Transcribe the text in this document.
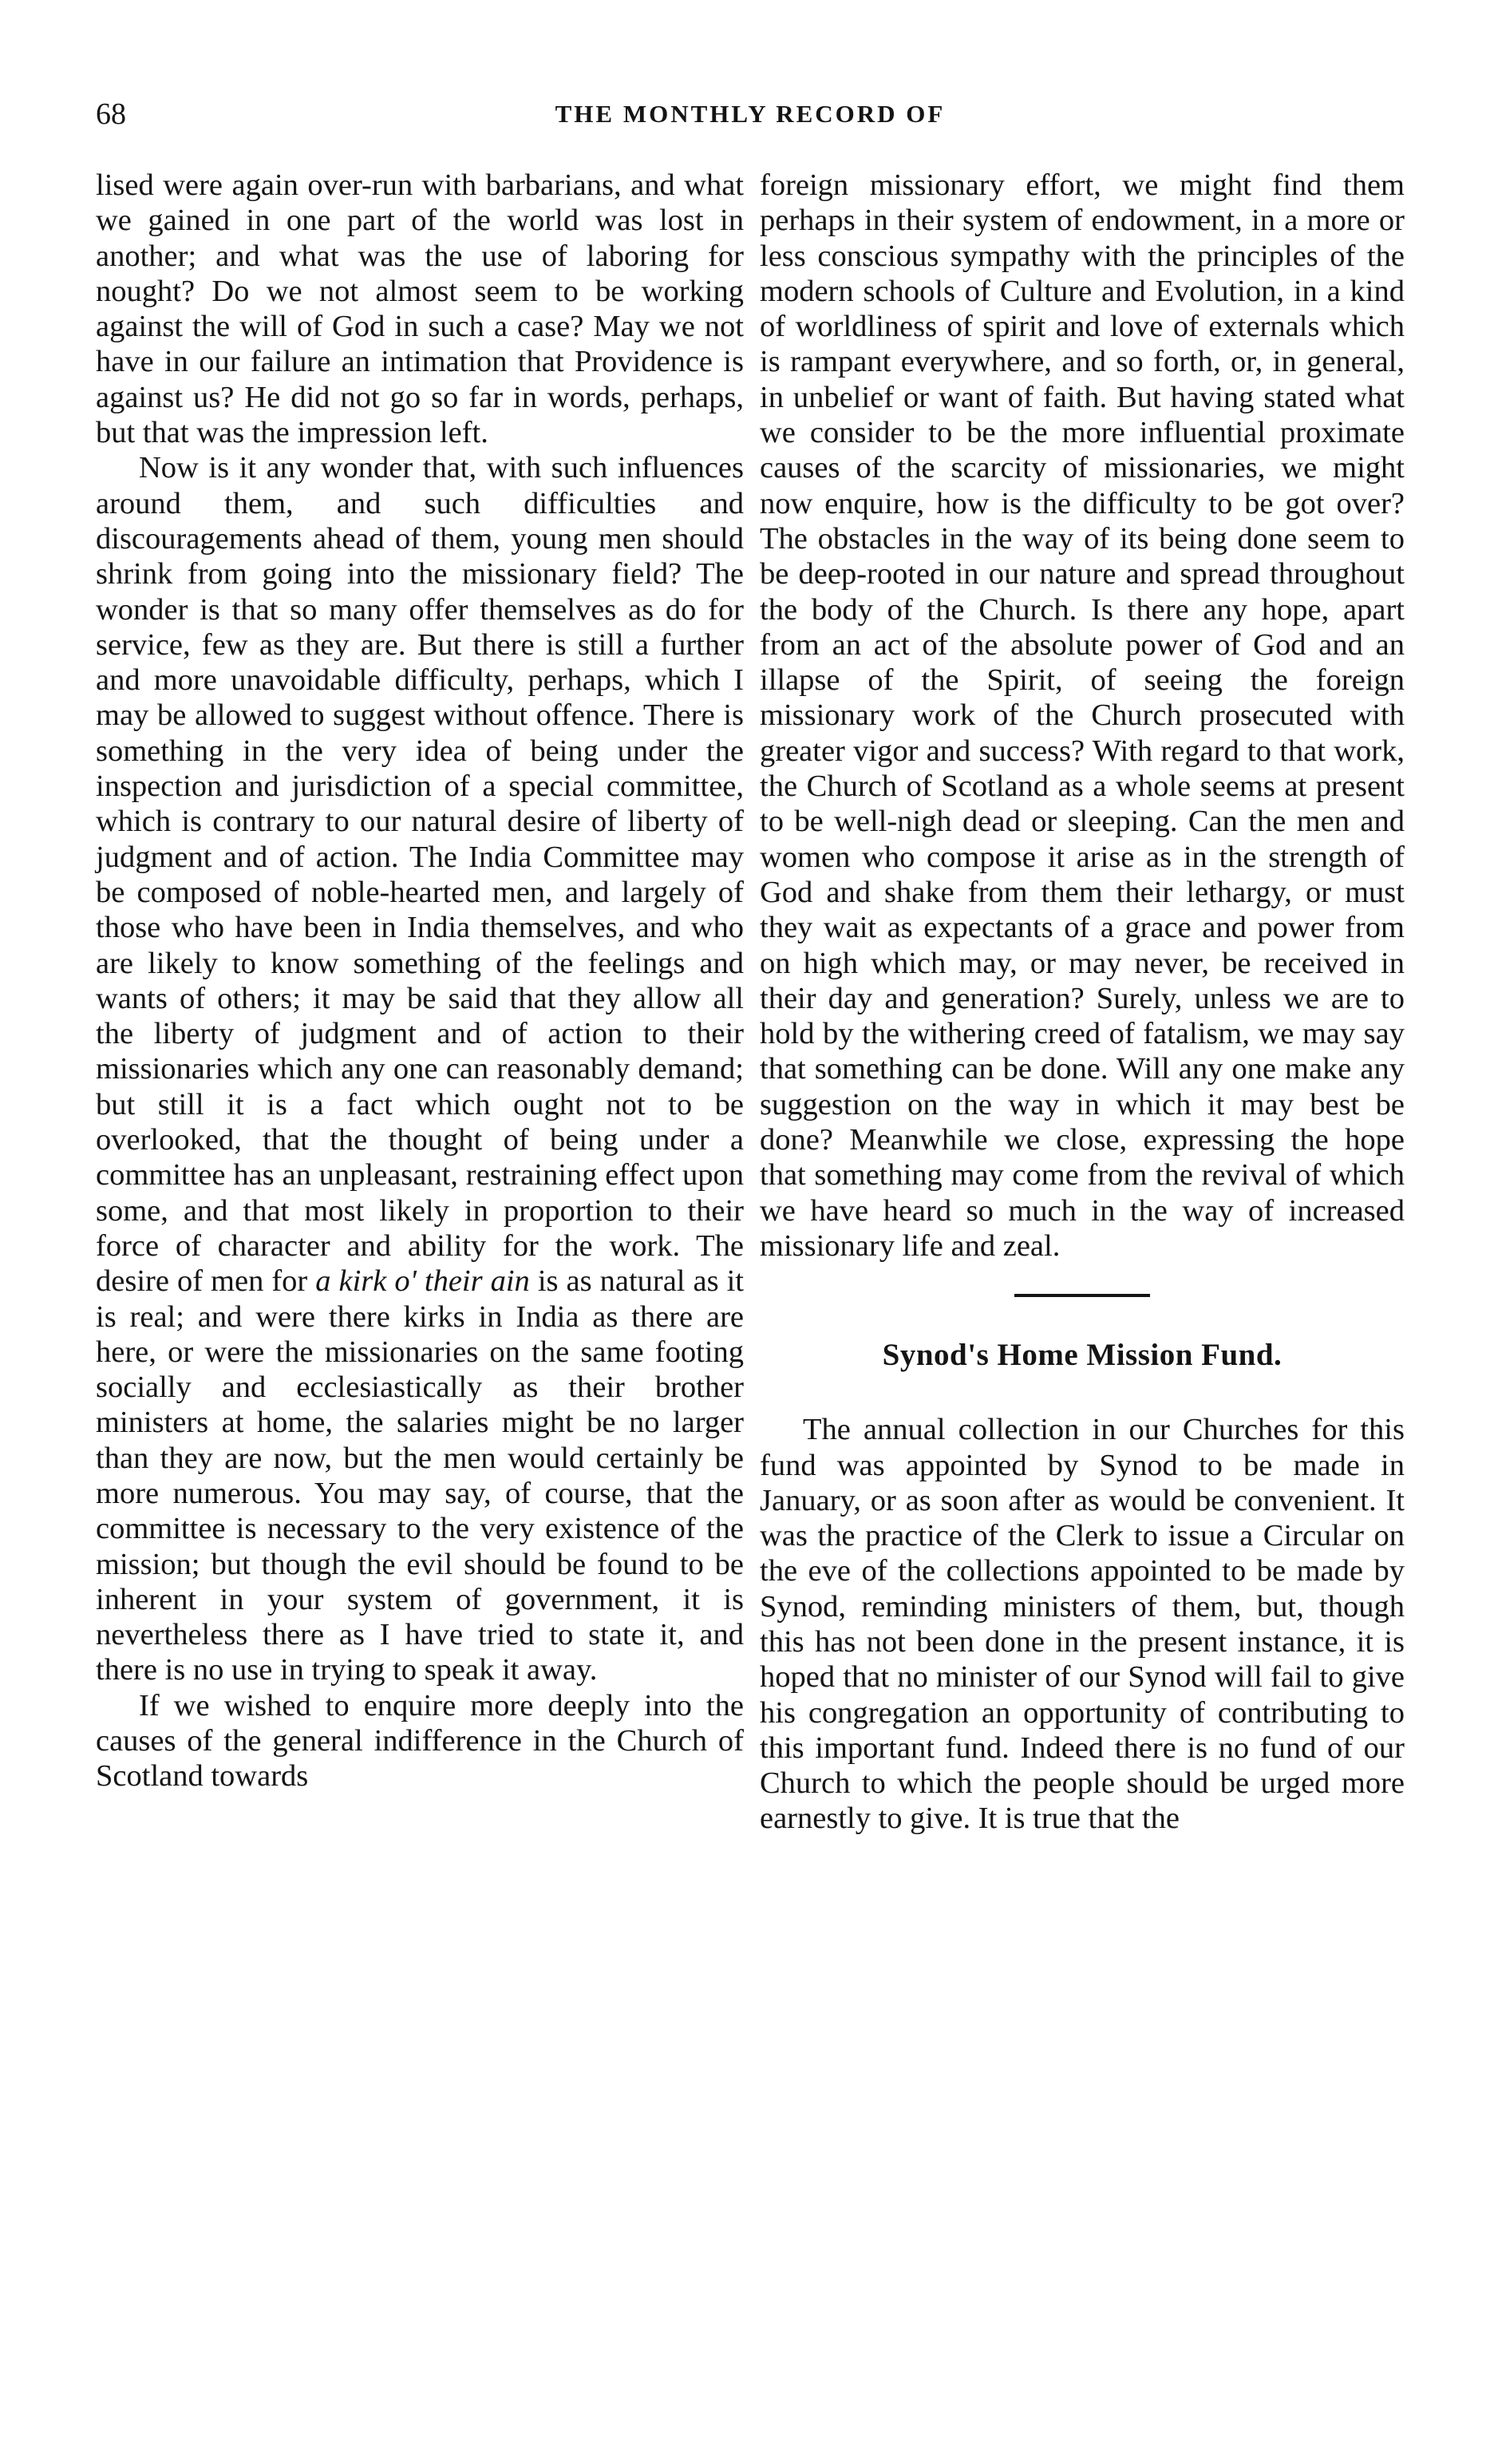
68	THE MONTHLY RECORD OF

lised were again over-run with barbarians, and what we gained in one part of the world was lost in another; and what was the use of laboring for nought? Do we not almost seem to be working against the will of God in such a case? May we not have in our failure an intimation that Providence is against us? He did not go so far in words, perhaps, but that was the impression left.

Now is it any wonder that, with such influences around them, and such difficulties and discouragements ahead of them, young men should shrink from going into the missionary field? The wonder is that so many offer themselves as do for service, few as they are. But there is still a further and more unavoidable difficulty, perhaps, which I may be allowed to suggest without offence. There is something in the very idea of being under the inspection and jurisdiction of a special committee, which is contrary to our natural desire of liberty of judgment and of action. The India Committee may be composed of noble-hearted men, and largely of those who have been in India themselves, and who are likely to know something of the feelings and wants of others; it may be said that they allow all the liberty of judgment and of action to their missionaries which any one can reasonably demand; but still it is a fact which ought not to be overlooked, that the thought of being under a committee has an unpleasant, restraining effect upon some, and that most likely in proportion to their force of character and ability for the work. The desire of men for a kirk o' their ain is as natural as it is real; and were there kirks in India as there are here, or were the missionaries on the same footing socially and ecclesiastically as their brother ministers at home, the salaries might be no larger than they are now, but the men would certainly be more numerous. You may say, of course, that the committee is necessary to the very existence of the mission; but though the evil should be found to be inherent in your system of government, it is nevertheless there as I have tried to state it, and there is no use in trying to speak it away.

If we wished to enquire more deeply into the causes of the general indifference in the Church of Scotland towards

foreign missionary effort, we might find them perhaps in their system of endowment, in a more or less conscious sympathy with the principles of the modern schools of Culture and Evolution, in a kind of worldliness of spirit and love of externals which is rampant everywhere, and so forth, or, in general, in unbelief or want of faith. But having stated what we consider to be the more influential proximate causes of the scarcity of missionaries, we might now enquire, how is the difficulty to be got over? The obstacles in the way of its being done seem to be deep-rooted in our nature and spread throughout the body of the Church. Is there any hope, apart from an act of the absolute power of God and an illapse of the Spirit, of seeing the foreign missionary work of the Church prosecuted with greater vigor and success? With regard to that work, the Church of Scotland as a whole seems at present to be well-nigh dead or sleeping. Can the men and women who compose it arise as in the strength of God and shake from them their lethargy, or must they wait as expectants of a grace and power from on high which may, or may never, be received in their day and generation? Surely, unless we are to hold by the withering creed of fatalism, we may say that something can be done. Will any one make any suggestion on the way in which it may best be done? Meanwhile we close, expressing the hope that something may come from the revival of which we have heard so much in the way of increased missionary life and zeal.

Synod's Home Mission Fund.

The annual collection in our Churches for this fund was appointed by Synod to be made in January, or as soon after as would be convenient. It was the practice of the Clerk to issue a Circular on the eve of the collections appointed to be made by Synod, reminding ministers of them, but, though this has not been done in the present instance, it is hoped that no minister of our Synod will fail to give his congregation an opportunity of contributing to this important fund. Indeed there is no fund of our Church to which the people should be urged more earnestly to give. It is true that the
